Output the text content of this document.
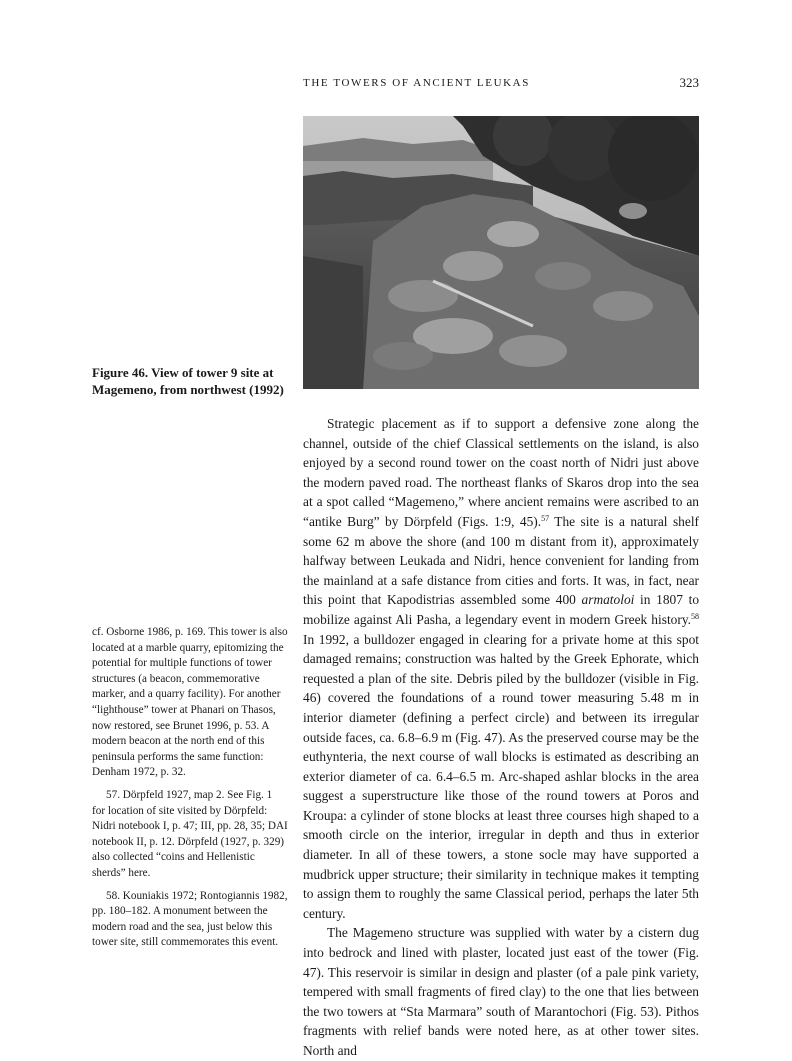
THE TOWERS OF ANCIENT LEUKAS	323
Figure 46. View of tower 9 site at Magemeno, from northwest (1992)

Strategic placement as if to support a defensive zone along the channel, outside of the chief Classical settlements on the island, is also enjoyed by a second round tower on the coast north of Nidri just above the modern paved road. The northeast flanks of Skaros drop into the sea at a spot called “Magemeno,” where ancient remains were ascribed to an “antike Burg” by Dörpfeld (Figs. 1:9, 45).$^{57}$ The site is a natural shelf some 62 m above the shore (and 100 m distant from it), approximately halfway between Leukada and Nidri, hence convenient for landing from the mainland at a safe distance from cities and forts. It was, in fact, near this point that Kapodistrias assembled some 400 armatoloi in 1807 to mobilize against Ali Pasha, a legendary event in modern Greek history.$^{58}$ In 1992, a bulldozer engaged in clearing for a private home at this spot damaged remains; construction was halted by the Greek Ephorate, which requested a plan of the site. Debris piled by the bulldozer (visible in Fig. 46) covered the foundations of a round tower measuring 5.48 m in interior diameter (defining a perfect circle) and between its irregular outside faces, ca. 6.8–6.9 m (Fig. 47). As the preserved course may be the euthynteria, the next course of wall blocks is estimated as describing an exterior diameter of ca. 6.4–6.5 m. Arc-shaped ashlar blocks in the area suggest a superstructure like those of the round towers at Poros and Kroupa: a cylinder of stone blocks at least three courses high shaped to a smooth circle on the interior, irregular in depth and thus in exterior diameter. In all of these towers, a stone socle may have supported a mudbrick upper structure; their similarity in technique makes it tempting to assign them to roughly the same Classical period, perhaps the later 5th century.

The Magemeno structure was supplied with water by a cistern dug into bedrock and lined with plaster, located just east of the tower (Fig. 47). This reservoir is similar in design and plaster (of a pale pink variety, tempered with small fragments of fired clay) to the one that lies between the two towers at “Sta Marmara” south of Marantochori (Fig. 53). Pithos fragments with relief bands were noted here, as at other tower sites. North and

cf. Osborne 1986, p. 169. This tower is also located at a marble quarry, epitomizing the potential for multiple functions of tower structures (a beacon, commemorative marker, and a quarry facility). For another “lighthouse” tower at Phanari on Thasos, now restored, see Brunet 1996, p. 53. A modern beacon at the north end of this peninsula performs the same function: Denham 1972, p. 32.

57. Dörpfeld 1927, map 2. See Fig. 1 for location of site visited by Dörpfeld: Nidri notebook I, p. 47; III, pp. 28, 35; DAI notebook II, p. 12. Dörpfeld (1927, p. 329) also collected “coins and Hellenistic sherds” here.

58. Kouniakis 1972; Rontogiannis 1982, pp. 180–182. A monument between the modern road and the sea, just below this tower site, still commemorates this event.
